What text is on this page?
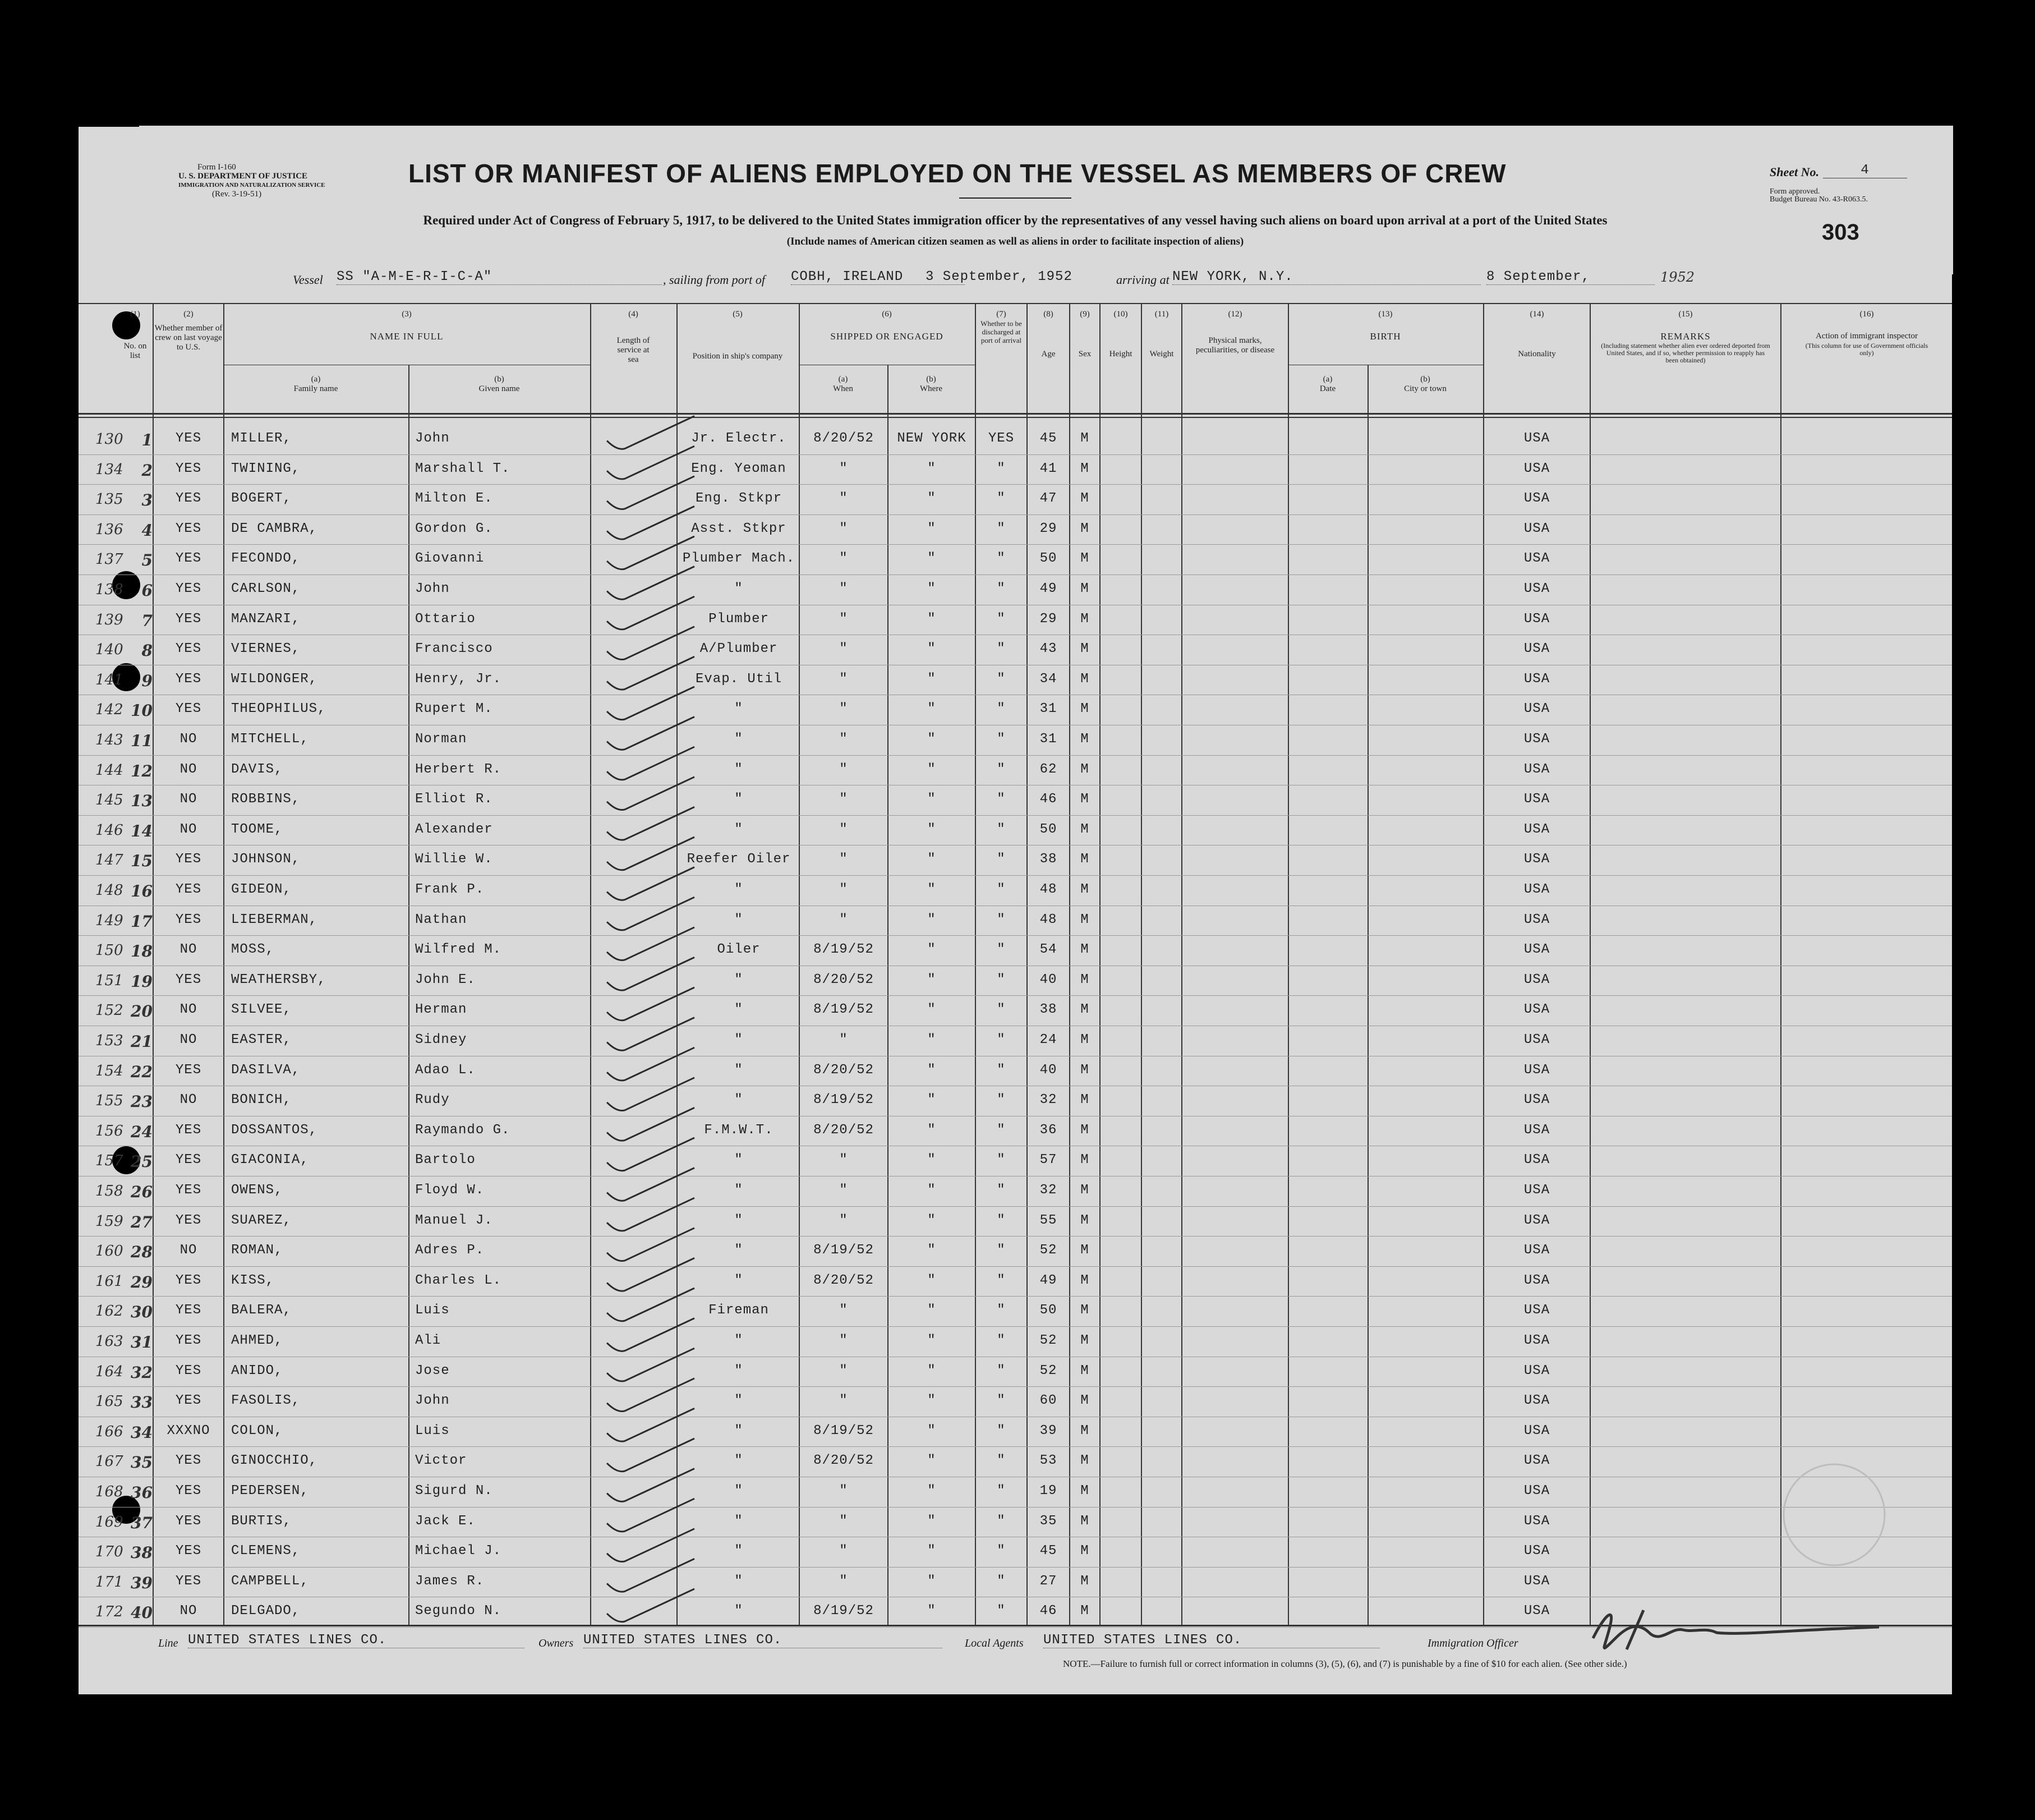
Form I-160
U. S. DEPARTMENT OF JUSTICE
IMMIGRATION AND NATURALIZATION SERVICE
(Rev. 3-19-51)
LIST OR MANIFEST OF ALIENS EMPLOYED ON THE VESSEL AS MEMBERS OF CREW
Required under Act of Congress of February 5, 1917, to be delivered to the United States immigration officer by the representatives of any vessel having such aliens on board upon arrival at a port of the United States
(Include names of American citizen seamen as well as aliens in order to facilitate inspection of aliens)
Sheet No.	4
Form approved.
Budget Bureau No. 43-R063.5.
303
Vessel SS "A-M-E-R-I-C-A"	, sailing from port of COBH, IRELAND	3 September, 1952	arriving at NEW YORK, N.Y.	8 September,	1952
(1)
No. on list
(2)
Whether member of crew on last voyage to U.S.
(3)
NAME IN FULL
(a)
Family name
(b)
Given name
(4)
Length of service at sea
(5)
Position in ship's company
(6)
SHIPPED OR ENGAGED
(a)
When
(b)
Where
(7)
Whether to be discharged at port of arrival
(8)
Age
(9)
Sex
(10)
Height
(11)
Weight
(12)
Physical marks, peculiarities, or disease
(13)
BIRTH
(a)
Date
(b)
City or town
(14)
Nationality
(15)
REMARKS
(Including statement whether alien ever ordered deported from United States, and if so, whether permission to reapply has been obtained)
(16)
Action of immigrant inspector
(This column for use of Government officials only)
130	1	YES	MILLER,	John	Jr. Electr.	8/20/52	NEW YORK	YES	45	M	USA
134	2	YES	TWINING,	Marshall T.	Eng. Yeoman	"	"	"	41	M	USA
135	3	YES	BOGERT,	Milton E.	Eng. Stkpr	"	"	"	47	M	USA
136	4	YES	DE CAMBRA,	Gordon G.	Asst. Stkpr	"	"	"	29	M	USA
137	5	YES	FECONDO,	Giovanni	Plumber Mach.	"	"	"	50	M	USA
138	6	YES	CARLSON,	John	"	"	"	"	49	M	USA
139	7	YES	MANZARI,	Ottario	Plumber	"	"	"	29	M	USA
140	8	YES	VIERNES,	Francisco	A/Plumber	"	"	"	43	M	USA
141	9	YES	WILDONGER,	Henry, Jr.	Evap. Util	"	"	"	34	M	USA
142 10	YES	THEOPHILUS,	Rupert M.	"	"	"	"	31	M	USA
143 11	NO	MITCHELL,	Norman	"	"	"	"	31	M	USA
144 12	NO	DAVIS,	Herbert R.	"	"	"	"	62	M	USA
145 13	NO	ROBBINS,	Elliot R.	"	"	"	"	46	M	USA
146 14	NO	TOOME,	Alexander	"	"	"	"	50	M	USA
147 15	YES	JOHNSON,	Willie W.	Reefer Oiler	"	"	"	38	M	USA
148 16	YES	GIDEON,	Frank P.	"	"	"	"	48	M	USA
149 17	YES	LIEBERMAN,	Nathan	"	"	"	"	48	M	USA
150 18	NO	MOSS,	Wilfred M.	Oiler	8/19/52	"	"	54	M	USA
151 19	YES	WEATHERSBY,	John E.	"	8/20/52	"	"	40	M	USA
152 20	NO	SILVEE,	Herman	"	8/19/52	"	"	38	M	USA
153 21	NO	EASTER,	Sidney	"	"	"	"	24	M	USA
154 22	YES	DASILVA,	Adao L.	"	8/20/52	"	"	40	M	USA
155 23	NO	BONICH,	Rudy	"	8/19/52	"	"	32	M	USA
156 24	YES	DOSSANTOS,	Raymando G.	F.M.W.T.	8/20/52	"	"	36	M	USA
157 25	YES	GIACONIA,	Bartolo	"	"	"	"	57	M	USA
158 26	YES	OWENS,	Floyd W.	"	"	"	"	32	M	USA
159 27	YES	SUAREZ,	Manuel J.	"	"	"	"	55	M	USA
160 28	NO	ROMAN,	Adres P.	"	8/19/52	"	"	52	M	USA
161 29	YES	KISS,	Charles L.	"	8/20/52	"	"	49	M	USA
162 30	YES	BALERA,	Luis	Fireman	"	"	"	50	M	USA
163 31	YES	AHMED,	Ali	"	"	"	"	52	M	USA
164 32	YES	ANIDO,	Jose	"	"	"	"	52	M	USA
165 33	YES	FASOLIS,	John	"	"	"	"	60	M	USA
166 34	XXXNO	COLON,	Luis	"	8/19/52	"	"	39	M	USA
167 35	YES	GINOCCHIO,	Victor	"	8/20/52	"	"	53	M	USA
168 36	YES	PEDERSEN,	Sigurd N.	"	"	"	"	19	M	USA
169 37	YES	BURTIS,	Jack E.	"	"	"	"	35	M	USA
170 38	YES	CLEMENS,	Michael J.	"	"	"	"	45	M	USA
171 39	YES	CAMPBELL,	James R.	"	"	"	"	27	M	USA
172 40	NO	DELGADO,	Segundo N.	"	8/19/52	"	"	46	M	USA
Line UNITED STATES LINES CO.	Owners UNITED STATES LINES CO.	Local Agents UNITED STATES LINES CO.	Immigration Officer
NOTE.—Failure to furnish full or correct information in columns (3), (5), (6), and (7) is punishable by a fine of $10 for each alien. (See other side.)
